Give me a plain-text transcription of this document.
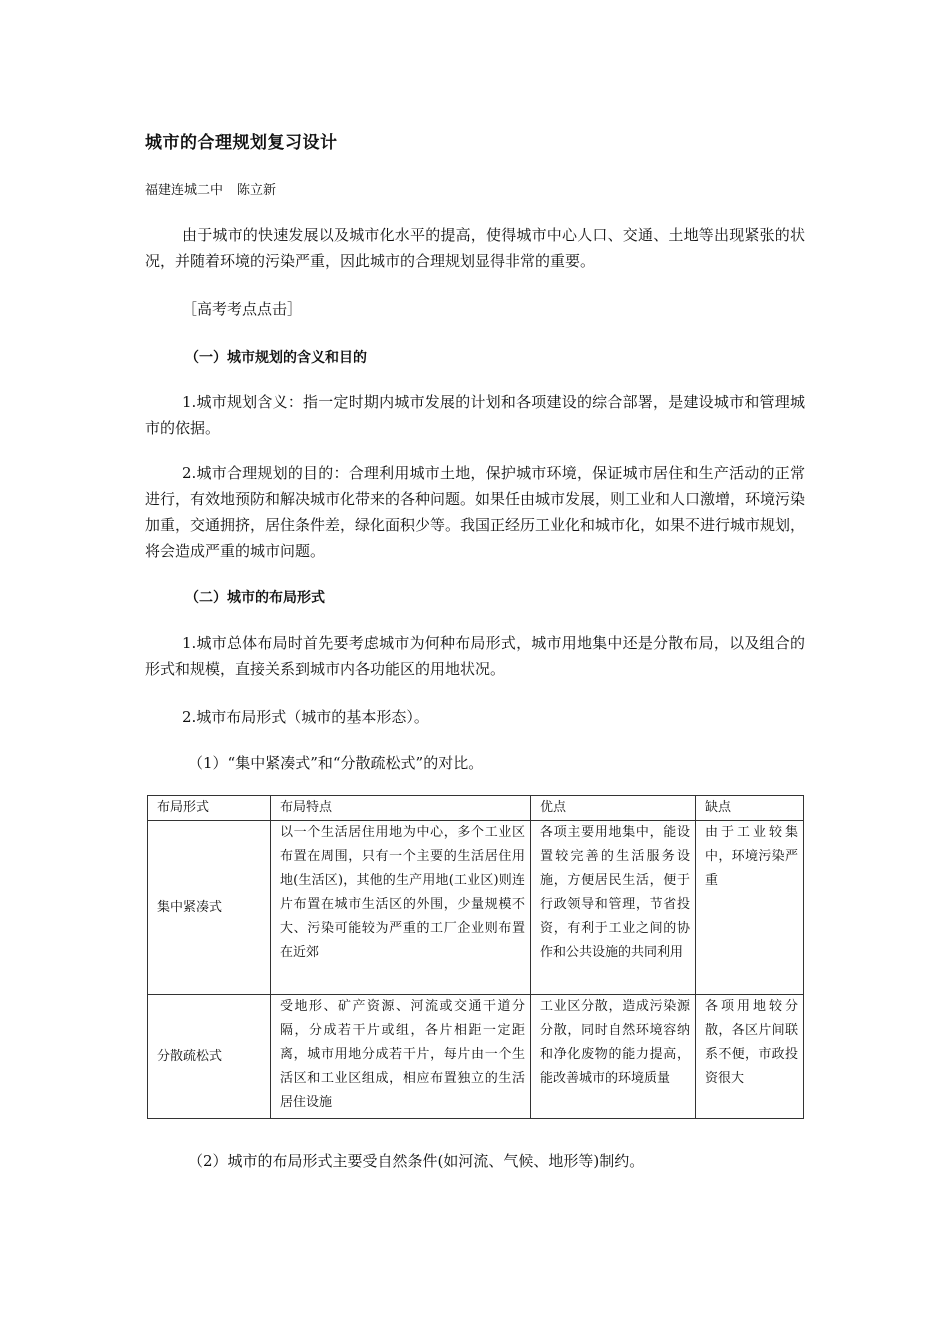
城市的合理规划复习设计

福建连城二中 陈立新

由于城市的快速发展以及城市化水平的提高，使得城市中心人口、交通、土地等出现紧张的状况，并随着环境的污染严重，因此城市的合理规划显得非常的重要。

［高考考点点击］

（一）城市规划的含义和目的

1.城市规划含义：指一定时期内城市发展的计划和各项建设的综合部署，是建设城市和管理城市的依据。

2.城市合理规划的目的：合理利用城市土地，保护城市环境，保证城市居住和生产活动的正常进行，有效地预防和解决城市化带来的各种问题。如果任由城市发展，则工业和人口激增，环境污染加重，交通拥挤，居住条件差，绿化面积少等。我国正经历工业化和城市化，如果不进行城市规划，将会造成严重的城市问题。

（二）城市的布局形式

1.城市总体布局时首先要考虑城市为何种布局形式，城市用地集中还是分散布局，以及组合的形式和规模，直接关系到城市内各功能区的用地状况。

2.城市布局形式（城市的基本形态）。

（1）“集中紧凑式”和“分散疏松式”的对比。

布局形式	布局特点	优点	缺点
集中紧凑式	以一个生活居住用地为中心，多个工业区布置在周围，只有一个主要的生活居住用地(生活区)，其他的生产用地(工业区)则连片布置在城市生活区的外围，少量规模不大、污染可能较为严重的工厂企业则布置在近郊	各项主要用地集中，能设置较完善的生活服务设施，方便居民生活，便于行政领导和管理，节省投资，有利于工业之间的协作和公共设施的共同利用	由于工业较集中，环境污染严重
分散疏松式	受地形、矿产资源、河流或交通干道分隔，分成若干片或组，各片相距一定距离，城市用地分成若干片，每片由一个生活区和工业区组成，相应布置独立的生活居住设施	工业区分散，造成污染源分散，同时自然环境容纳和净化废物的能力提高，能改善城市的环境质量	各项用地较分散，各区片间联系不便，市政投资很大

（2）城市的布局形式主要受自然条件(如河流、气候、地形等)制约。
